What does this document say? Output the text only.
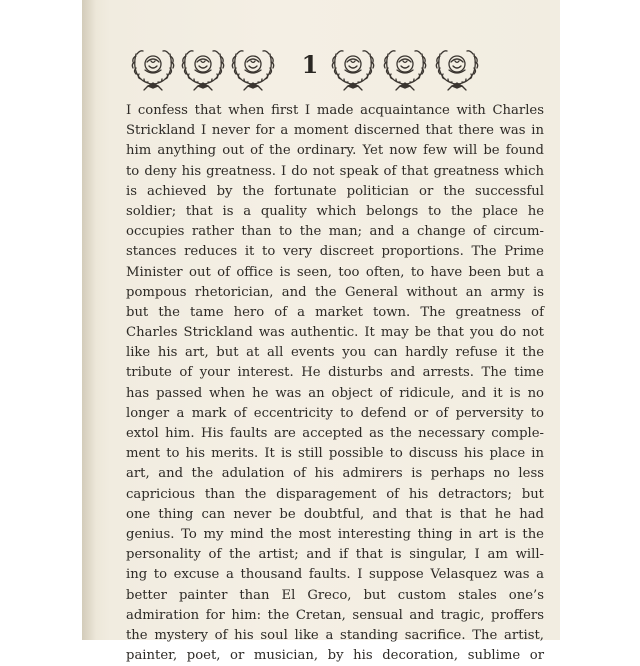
1
I confess that when first I made acquaintance with Charles
Strickland I never for a moment discerned that there was in
him anything out of the ordinary. Yet now few will be found
to deny his greatness. I do not speak of that greatness which
is achieved by the fortunate politician or the successful
soldier; that is a quality which belongs to the place he
occupies rather than to the man; and a change of circum-
stances reduces it to very discreet proportions. The Prime
Minister out of office is seen, too often, to have been but a
pompous rhetorician, and the General without an army is
but the tame hero of a market town. The greatness of
Charles Strickland was authentic. It may be that you do not
like his art, but at all events you can hardly refuse it the
tribute of your interest. He disturbs and arrests. The time
has passed when he was an object of ridicule, and it is no
longer a mark of eccentricity to defend or of perversity to
extol him. His faults are accepted as the necessary comple-
ment to his merits. It is still possible to discuss his place in
art, and the adulation of his admirers is perhaps no less
capricious than the disparagement of his detractors; but
one thing can never be doubtful, and that is that he had
genius. To my mind the most interesting thing in art is the
personality of the artist; and if that is singular, I am will-
ing to excuse a thousand faults. I suppose Velasquez was a
better painter than El Greco, but custom stales one’s
admiration for him: the Cretan, sensual and tragic, proffers
the mystery of his soul like a standing sacrifice. The artist,
painter, poet, or musician, by his decoration, sublime or
